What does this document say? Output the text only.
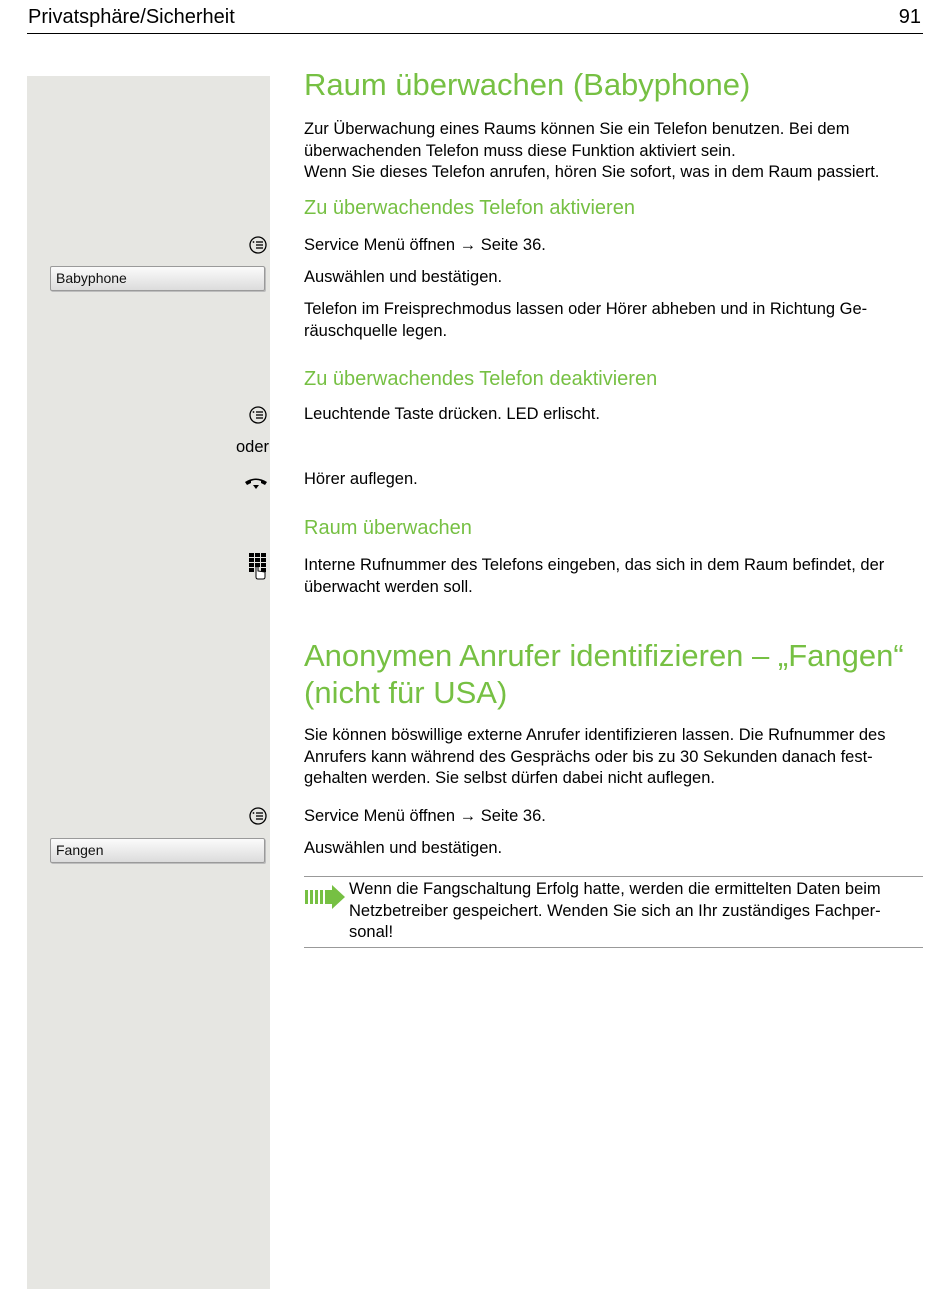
Privatsphäre/Sicherheit	91
Raum überwachen (Babyphone)
Zur Überwachung eines Raums können Sie ein Telefon benutzen. Bei dem
überwachenden Telefon muss diese Funktion aktiviert sein.
Wenn Sie dieses Telefon anrufen, hören Sie sofort, was in dem Raum passiert.
Zu überwachendes Telefon aktivieren
Service Menü öffnen → Seite 36.
Babyphone	Auswählen und bestätigen.
Telefon im Freisprechmodus lassen oder Hörer abheben und in Richtung Ge-
räuschquelle legen.
Zu überwachendes Telefon deaktivieren
Leuchtende Taste drücken. LED erlischt.
oder
Hörer auflegen.
Raum überwachen
Interne Rufnummer des Telefons eingeben, das sich in dem Raum befindet, der
überwacht werden soll.
Anonymen Anrufer identifizieren – „Fangen“
(nicht für USA)
Sie können böswillige externe Anrufer identifizieren lassen. Die Rufnummer des
Anrufers kann während des Gesprächs oder bis zu 30 Sekunden danach fest-
gehalten werden. Sie selbst dürfen dabei nicht auflegen.
Service Menü öffnen → Seite 36.
Fangen	Auswählen und bestätigen.
Wenn die Fangschaltung Erfolg hatte, werden die ermittelten Daten beim
Netzbetreiber gespeichert. Wenden Sie sich an Ihr zuständiges Fachper-
sonal!
